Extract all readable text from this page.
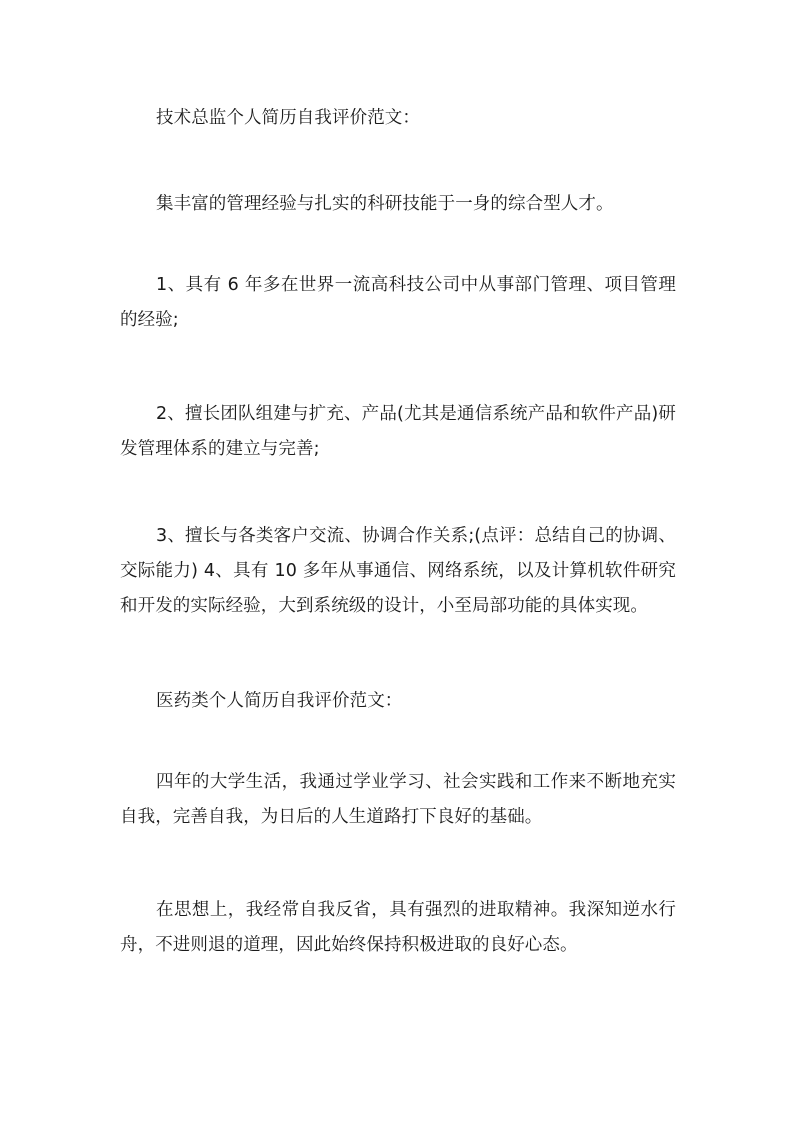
技术总监个人简历自我评价范文：

集丰富的管理经验与扎实的科研技能于一身的综合型人才。

1、具有 6 年多在世界一流高科技公司中从事部门管理、项目管理的经验;

2、擅长团队组建与扩充、产品(尤其是通信系统产品和软件产品)研发管理体系的建立与完善;

3、擅长与各类客户交流、协调合作关系;(点评：总结自己的协调、交际能力) 4、具有 10 多年从事通信、网络系统，以及计算机软件研究和开发的实际经验，大到系统级的设计，小至局部功能的具体实现。

医药类个人简历自我评价范文：

四年的大学生活，我通过学业学习、社会实践和工作来不断地充实自我，完善自我，为日后的人生道路打下良好的基础。

在思想上，我经常自我反省，具有强烈的进取精神。我深知逆水行舟，不进则退的道理，因此始终保持积极进取的良好心态。
